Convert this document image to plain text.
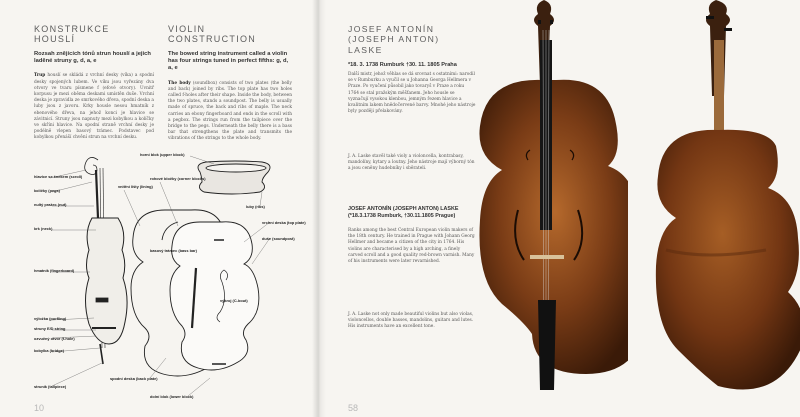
KONSTRUKCE HOUSLÍ
Rozsah znějících tónů strun houslí a jejich laděné struny g, d, a, e
Trup houslí se skládá z vrchní desky (víka) a spodní desky spojených lubem. Ve víku jsou vyřezány dva otvory ve tvaru písmene f (efové otvory). Uvnitř korpusu je mezi oběma deskami umístěn duše. Vrchní deska je zpravidla ze smrkového dřeva, spodní deska a luby jsou z javoru. Krky housle nesou hmatník z ebenového dřeva, na jehož konci je hlavice se závitnicí. Struny jsou napnuty mezi kobylkou a kolíčky ve skříni hlavice. Na spodní straně vrchní desky je podélně vlepen basový trámec. Podstavec pod kobylkou přenáší chvění strun na vrchní desku.
VIOLIN CONSTRUCTION
The bowed string instrument called a violin has four strings tuned in perfect fifths: g, d, a, e
The body (soundbox) consists of two plates (the belly and back) joined by ribs. The top plate has two holes called f-holes after their shape. Inside the body, between the two plates, stands a soundpost. The belly is usually made of spruce, the back and ribs of maple. The neck carries an ebony fingerboard and ends in the scroll with a pegbox. The strings run from the tailpiece over the bridge to the pegs. Underneath the belly there is a bass bar that strengthens the plate and transmits the vibrations of the strings to the whole body.
hlavice se šnekem (scroll)
kolíčky (pegs)
nultý pražec (nut)
krk (neck)
hmatník (fingerboard)
výložka (purfling)
struny E/D string
ozvučný otvor (f-hole)
kobylka (bridge)
struník (tailpiece)
horní blok (upper block)
vnitřní lišty (lining)
rohové bločky (corner blocks)
luby (ribs)
vrchní deska (top plate)
duše (soundpost)
basový trámec (bass bar)
výkroj (C-bout)
spodní deska (back plate)
dolní blok (lower block)
10
JOSEF ANTONÍN (JOSEPH ANTON) LASKE
*18. 3. 1738 Rumburk †30. 11. 1805 Praha
Další mistr, jehož věhlas se dá srovnat s ostatními: narodil se v Rumburku a vyučil se u Johanna Georga Hellmera v Praze. Po vyučení působil jako tovaryš v Praze a roku 1764 se stal pražským měšťanem. Jeho housle se vyznačují vysokou klenbou, jemným řezem hlavice a kvalitním lakem hnědočervené barvy. Mnohé jeho nástroje byly později přelakovány.
J. A. Laske stavěl také violy a violoncella, kontrabasy, mandolíny, kytary a loutny. Jeho nástroje mají výborný tón a jsou ceněny hudebníky i sběrateli.
JOSEF ANTONÍN (JOSEPH ANTON) LASKE (*18.3.1738 Rumburk, †30.11.1805 Prague)
Ranks among the best Central European violin makers of the 18th century. He trained in Prague with Johann Georg Hellmer and became a citizen of the city in 1764. His violins are characterised by a high arching, a finely carved scroll and a good quality red-brown varnish. Many of his instruments were later revarnished.
J. A. Laske not only made beautiful violins but also violas, violoncellos, double basses, mandolins, guitars and lutes. His instruments have an excellent tone.
58
